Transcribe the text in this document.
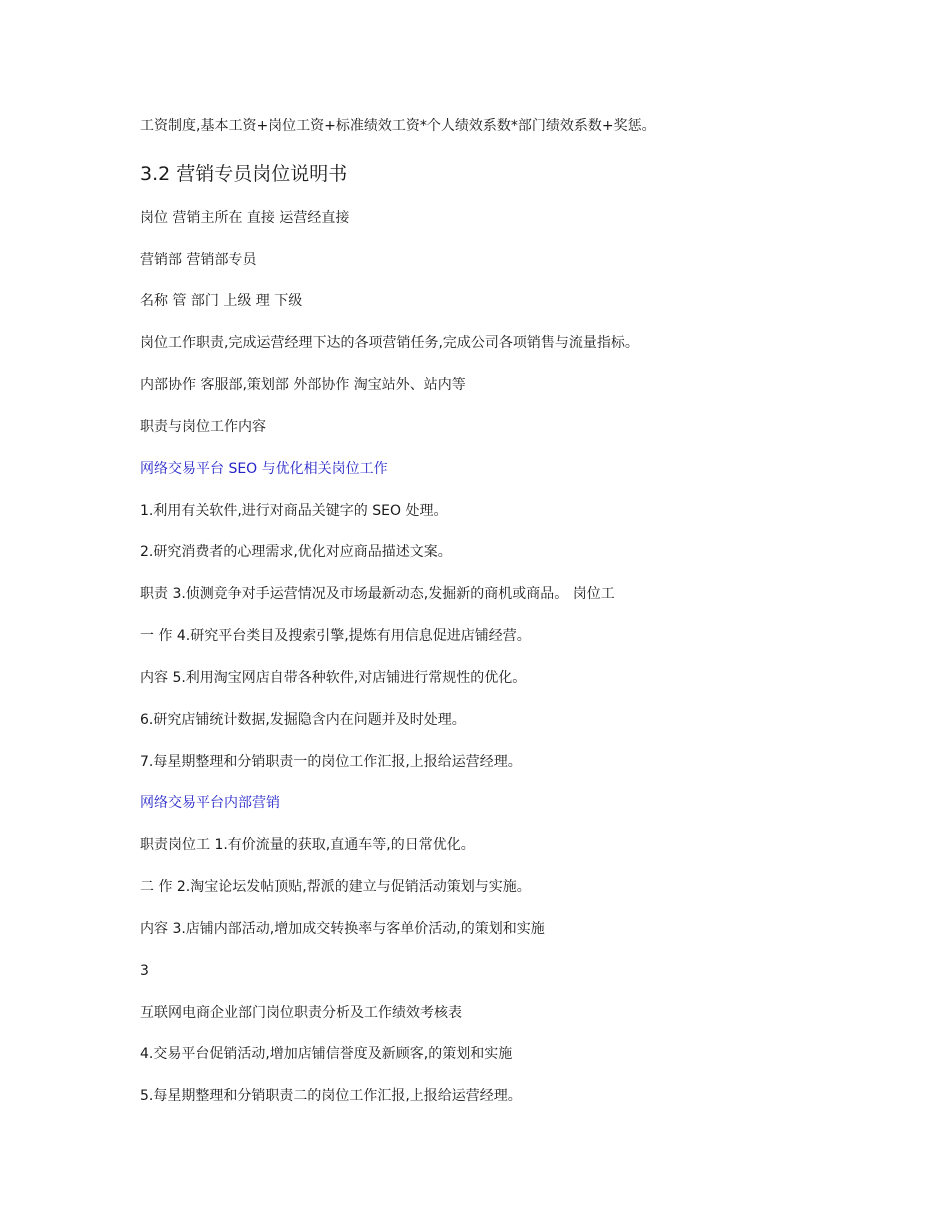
工资制度,基本工资+岗位工资+标准绩效工资*个人绩效系数*部门绩效系数+奖惩。
3.2 营销专员岗位说明书
岗位 营销主所在 直接 运营经直接
营销部 营销部专员
名称 管 部门 上级 理 下级
岗位工作职责,完成运营经理下达的各项营销任务,完成公司各项销售与流量指标。
内部协作 客服部,策划部 外部协作 淘宝站外、站内等
职责与岗位工作内容
网络交易平台 SEO 与优化相关岗位工作
1.利用有关软件,进行对商品关键字的 SEO 处理。
2.研究消费者的心理需求,优化对应商品描述文案。
职责 3.侦测竞争对手运营情况及市场最新动态,发掘新的商机或商品。 岗位工
一 作 4.研究平台类目及搜索引擎,提炼有用信息促进店铺经营。
内容 5.利用淘宝网店自带各种软件,对店铺进行常规性的优化。
6.研究店铺统计数据,发掘隐含内在问题并及时处理。
7.每星期整理和分销职责一的岗位工作汇报,上报给运营经理。
网络交易平台内部营销
职责岗位工 1.有价流量的获取,直通车等,的日常优化。
二 作 2.淘宝论坛发帖顶贴,帮派的建立与促销活动策划与实施。
内容 3.店铺内部活动,增加成交转换率与客单价活动,的策划和实施
3
互联网电商企业部门岗位职责分析及工作绩效考核表
4.交易平台促销活动,增加店铺信誉度及新顾客,的策划和实施
5.每星期整理和分销职责二的岗位工作汇报,上报给运营经理。
